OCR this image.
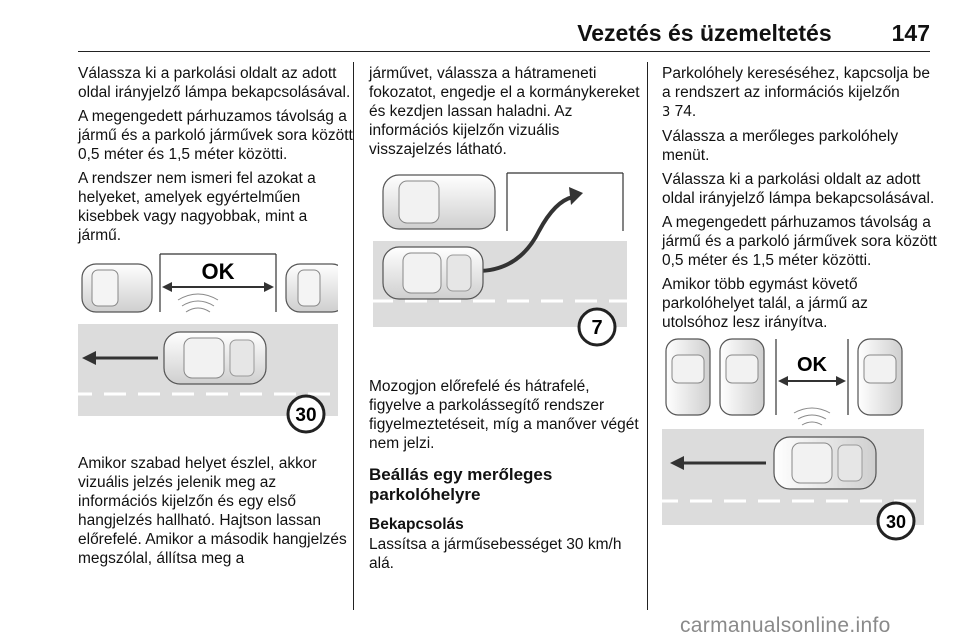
Vezetés és üzemeltetés	147

Válassza ki a parkolási oldalt az adott oldal irányjelző lámpa bekapcsolásával.

A megengedett párhuzamos távolság a jármű és a parkoló járművek sora között 0,5 méter és 1,5 méter közötti.

A rendszer nem ismeri fel azokat a helyeket, amelyek egyértelműen kisebbek vagy nagyobbak, mint a jármű.

OK
30

Amikor szabad helyet észlel, akkor vizuális jelzés jelenik meg az információs kijelzőn és egy első hangjelzés hallható. Hajtson lassan előrefelé. Amikor a második hangjelzés megszólal, állítsa meg a

járművet, válassza a hátrameneti fokozatot, engedje el a kormánykereket és kezdjen lassan haladni. Az információs kijelzőn vizuális visszajelzés látható.

7

Mozogjon előrefelé és hátrafelé, figyelve a parkolássegítő rendszer figyelmeztetéseit, míg a manőver végét nem jelzi.

Beállás egy merőleges parkolóhelyre
Bekapcsolás

Lassítsa a járműsebességet 30 km/h alá.

Parkolóhely kereséséhez, kapcsolja be a rendszert az információs kijelzőn
3 74.

Válassza a merőleges parkolóhely menüt.

Válassza ki a parkolási oldalt az adott oldal irányjelző lámpa bekapcsolásával.

A megengedett párhuzamos távolság a jármű és a parkoló járművek sora között 0,5 méter és 1,5 méter közötti.

Amikor több egymást követő parkolóhelyet talál, a jármű az utolsóhoz lesz irányítva.

OK
30
carmanualsonline.info
